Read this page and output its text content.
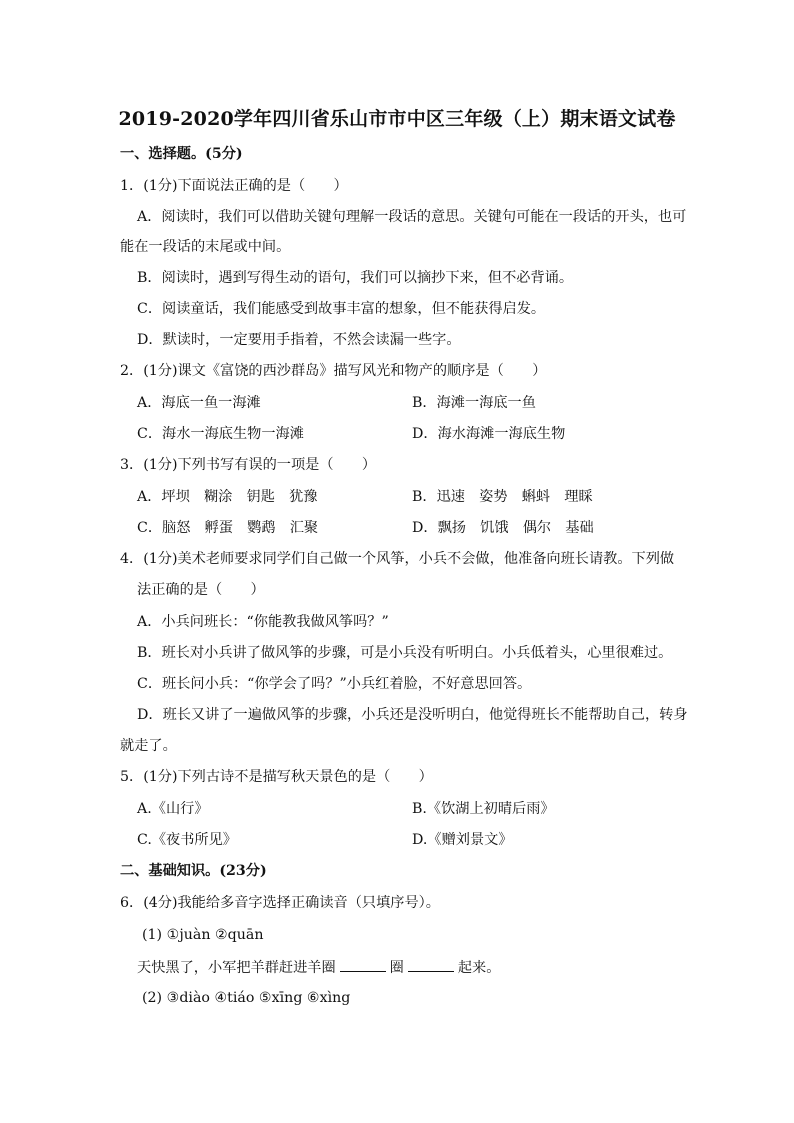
2019-2020学年四川省乐山市市中区三年级（上）期末语文试卷
一、选择题。(5分)
1．(1分)下面说法正确的是（　　）
A．阅读时，我们可以借助关键句理解一段话的意思。关键句可能在一段话的开头，也可
能在一段话的末尾或中间。
B．阅读时，遇到写得生动的语句，我们可以摘抄下来，但不必背诵。
C．阅读童话，我们能感受到故事丰富的想象，但不能获得启发。
D．默读时，一定要用手指着，不然会读漏一些字。
2．(1分)课文《富饶的西沙群岛》描写风光和物产的顺序是（　　）
A．海底一鱼一海滩	B．海滩一海底一鱼
C．海水一海底生物一海滩	D．海水海滩一海底生物
3．(1分)下列书写有误的一项是（　　）
A．坪坝　糊涂　钥匙　犹豫	B．迅速　姿势　蝌蚪　理睬
C．脑怒　孵蛋　鹦鹉　汇聚	D．飘扬　饥饿　偶尔　基础
4．(1分)美术老师要求同学们自己做一个风筝，小兵不会做，他准备向班长请教。下列做
法正确的是（　　）
A．小兵问班长：“你能教我做风筝吗？”
B．班长对小兵讲了做风筝的步骤，可是小兵没有听明白。小兵低着头，心里很难过。
C．班长问小兵：“你学会了吗？”小兵红着脸，不好意思回答。
D．班长又讲了一遍做风筝的步骤，小兵还是没听明白，他觉得班长不能帮助自己，转身
就走了。
5．(1分)下列古诗不是描写秋天景色的是（　　）
A.《山行》	B.《饮湖上初晴后雨》
C.《夜书所见》	D.《赠刘景文》
二、基础知识。(23分)
6．(4分)我能给多音字选择正确读音（只填序号）。
(1) ①juàn ②quān
天快黑了，小军把羊群赶进羊圈	圈	起来。
(2) ③diào ④tiáo ⑤xīng ⑥xìng
